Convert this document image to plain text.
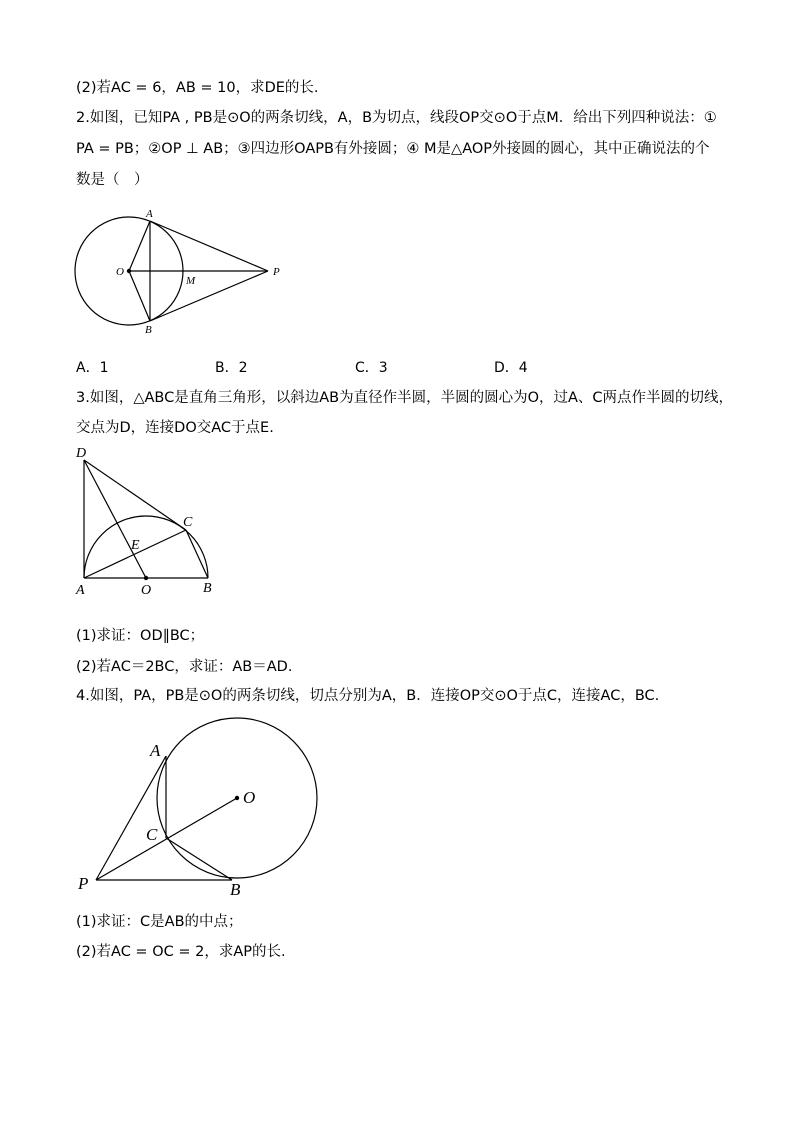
(2)若AC = 6，AB = 10，求DE的长.
2.如图，已知PA , PB是⊙O的两条切线，A，B为切点，线段OP交⊙O于点M．给出下列四种说法：①
PA = PB；②OP ⊥ AB；③四边形OAPB有外接圆；④ M是△AOP外接圆的圆心，其中正确说法的个
数是（　）
A
B
O
M
P
A．1	B．2	C．3	D．4
3.如图，△ABC是直角三角形，以斜边AB为直径作半圆，半圆的圆心为O，过A、C两点作半圆的切线，
交点为D，连接DO交AC于点E.
D
C
E
A	O	B
(1)求证：OD∥BC；
(2)若AC＝2BC，求证：AB＝AD.
4.如图，PA，PB是⊙O的两条切线，切点分别为A，B．连接OP交⊙O于点C，连接AC，BC.
A
O
C
P	B
(1)求证：C是AB的中点；
(2)若AC = OC = 2，求AP的长.
